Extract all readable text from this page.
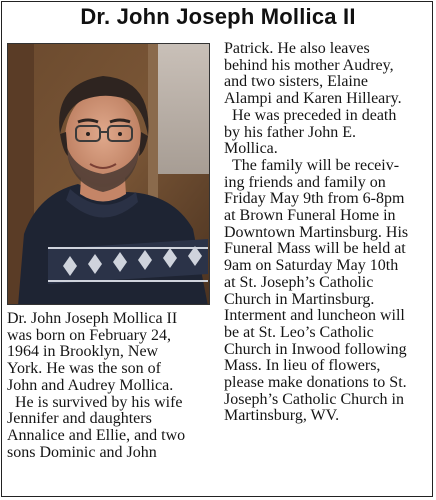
Dr. John Joseph Mollica II

Dr. John Joseph Mollica II

was born on February 24,

1964 in Brooklyn, New

York. He was the son of

John and Audrey Mollica.

He is survived by his wife

Jennifer and daughters

Annalice and Ellie, and two

sons Dominic and John

Patrick. He also leaves

behind his mother Audrey,

and two sisters, Elaine

Alampi and Karen Hilleary.

He was preceded in death

by his father John E.

Mollica.

The family will be receiv-

ing friends and family on

Friday May 9th from 6-8pm

at Brown Funeral Home in

Downtown Martinsburg. His

Funeral Mass will be held at

9am on Saturday May 10th

at St. Joseph’s Catholic

Church in Martinsburg.

Interment and luncheon will

be at St. Leo’s Catholic

Church in Inwood following

Mass. In lieu of flowers,

please make donations to St.

Joseph’s Catholic Church in

Martinsburg, WV.
